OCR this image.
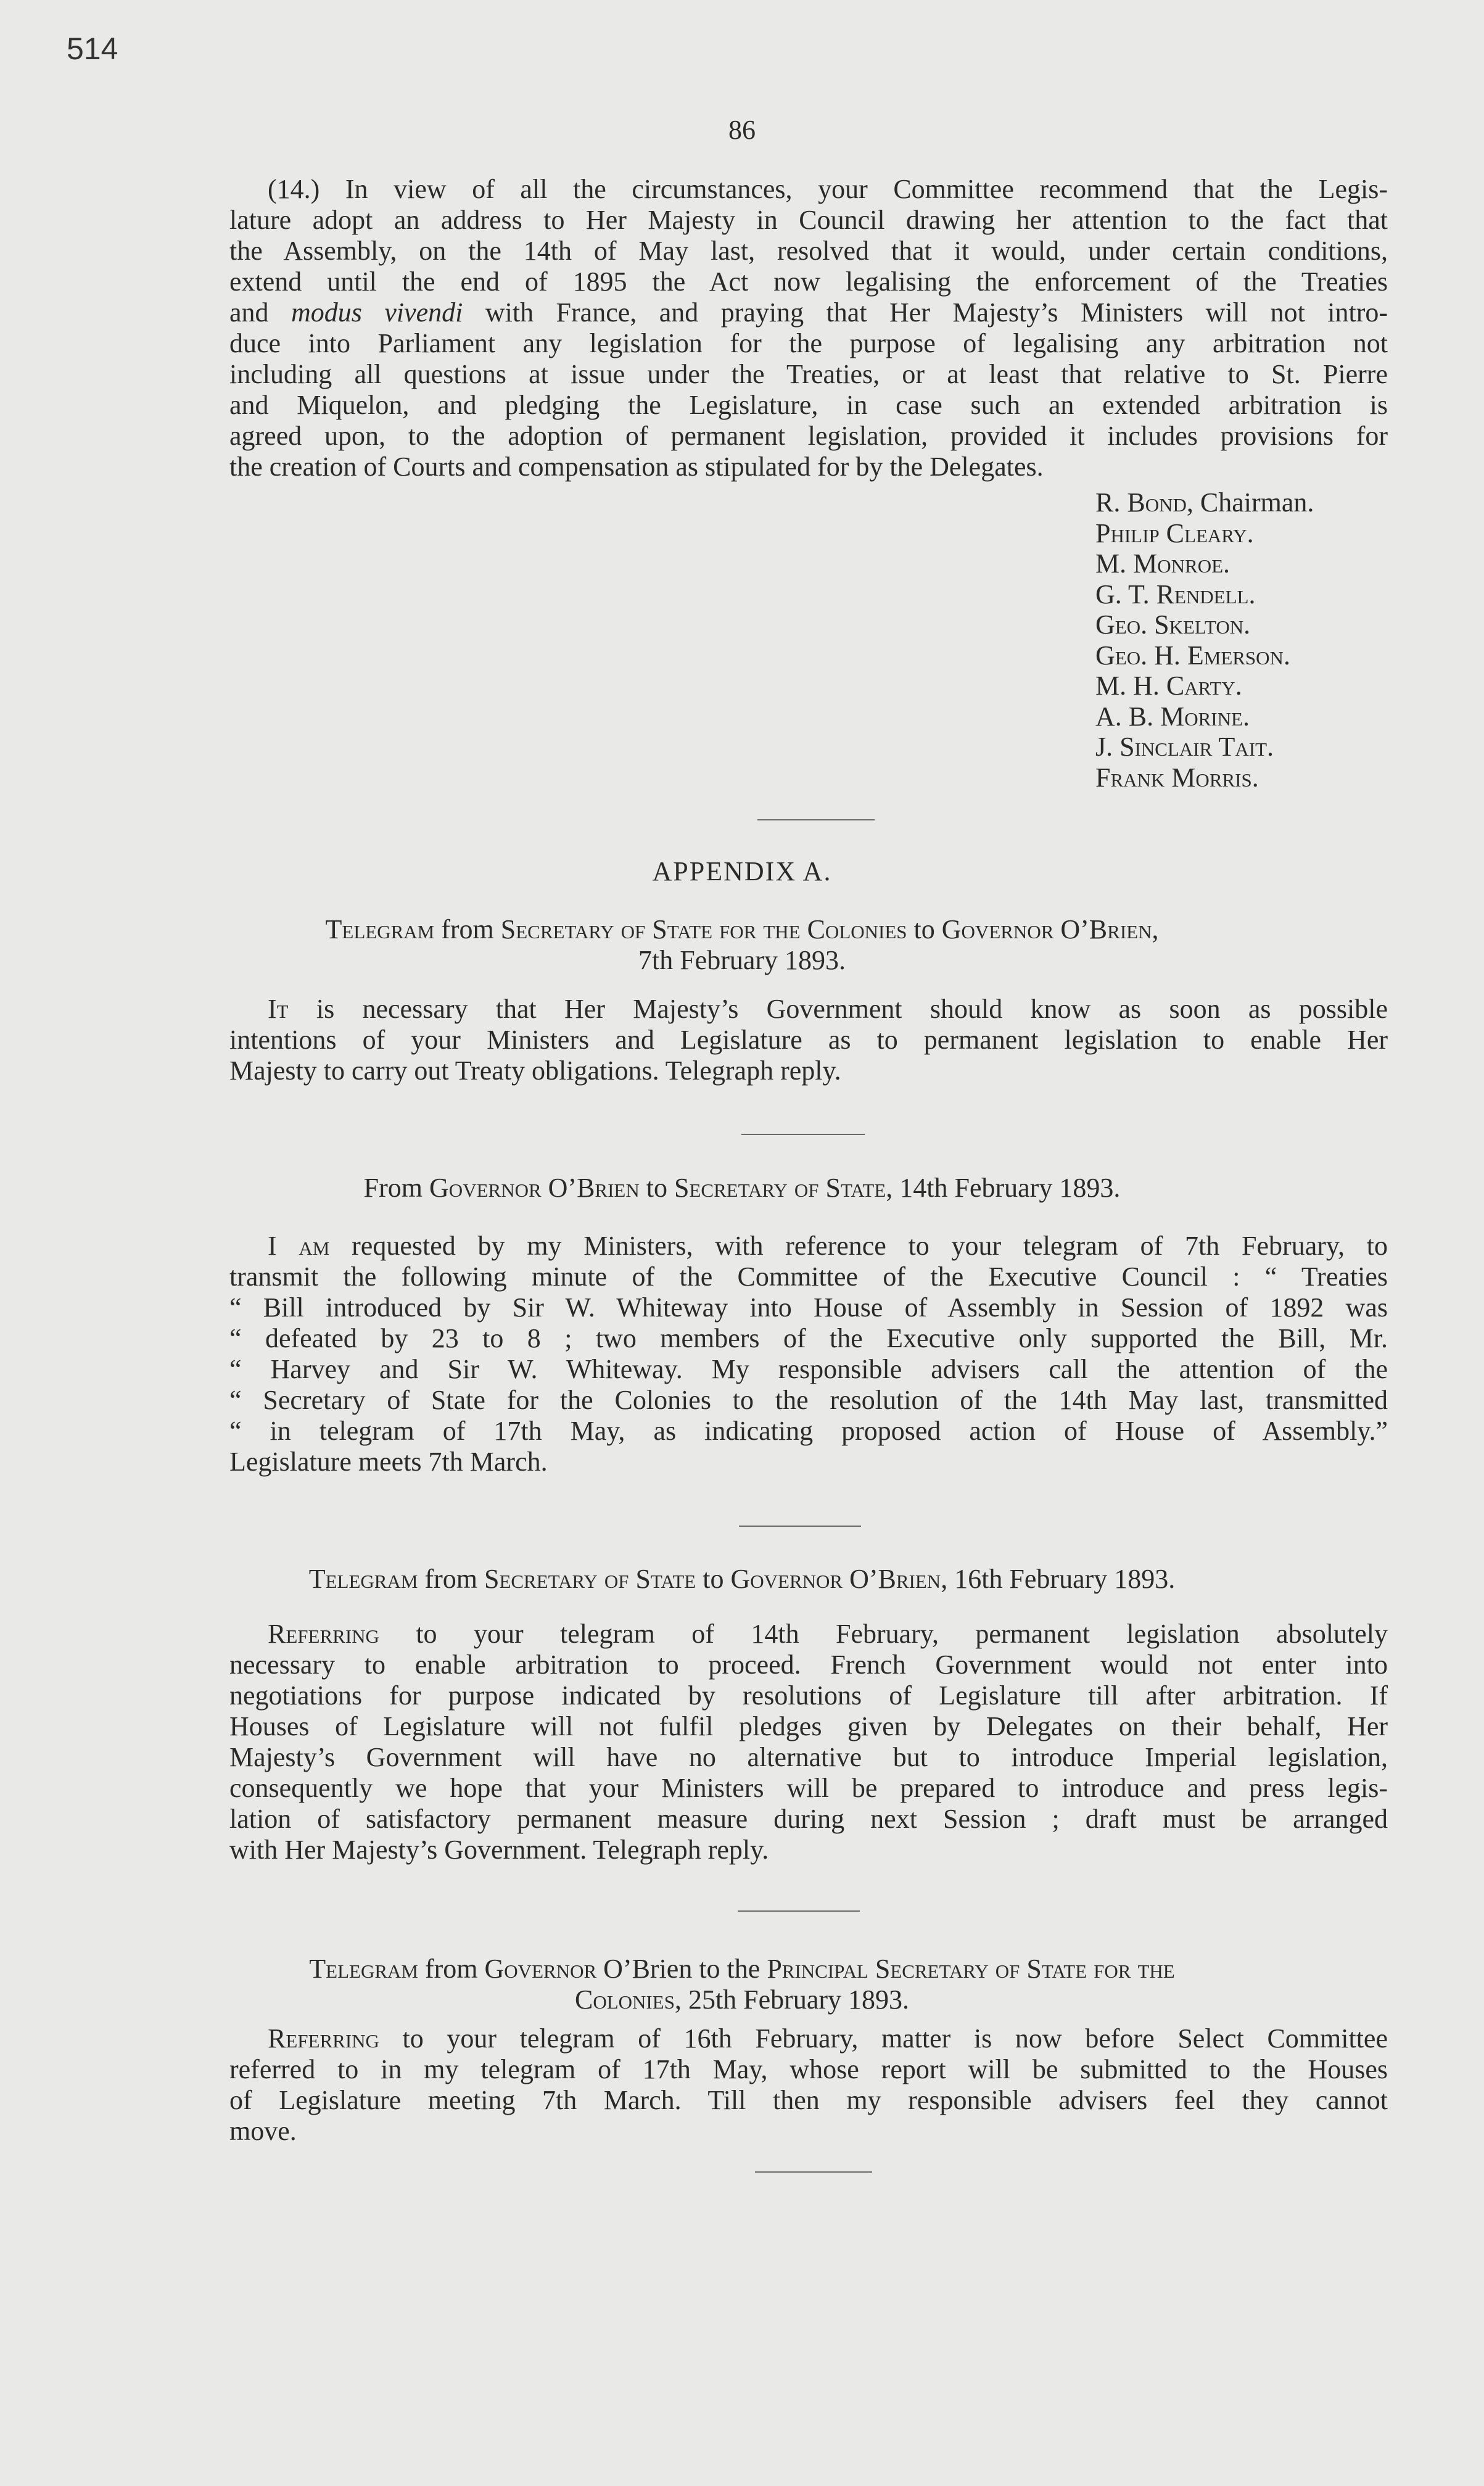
514
86

(14.) In view of all the circumstances, your Committee recommend that the Legis-

lature adopt an address to Her Majesty in Council drawing her attention to the fact that

the Assembly, on the 14th of May last, resolved that it would, under certain conditions,

extend until the end of 1895 the Act now legalising the enforcement of the Treaties

and modus vivendi with France, and praying that Her Majesty’s Ministers will not intro-

duce into Parliament any legislation for the purpose of legalising any arbitration not

including all questions at issue under the Treaties, or at least that relative to St. Pierre

and Miquelon, and pledging the Legislature, in case such an extended arbitration is

agreed upon, to the adoption of permanent legislation, provided it includes provisions for

the creation of Courts and compensation as stipulated for by the Delegates.

R. Bond, Chairman.
Philip Cleary.
M. Monroe.
G. T. Rendell.
Geo. Skelton.
Geo. H. Emerson.
M. H. Carty.
A. B. Morine.
J. Sinclair Tait.
Frank Morris.
APPENDIX A.
Telegram from Secretary of State for the Colonies to Governor O’Brien,
7th February 1893.

It is necessary that Her Majesty’s Government should know as soon as possible

intentions of your Ministers and Legislature as to permanent legislation to enable Her

Majesty to carry out Treaty obligations. Telegraph reply.

From Governor O’Brien to Secretary of State, 14th February 1893.

I am requested by my Ministers, with reference to your telegram of 7th February, to

transmit the following minute of the Committee of the Executive Council : “ Treaties

“ Bill introduced by Sir W. Whiteway into House of Assembly in Session of 1892 was

“ defeated by 23 to 8 ; two members of the Executive only supported the Bill, Mr.

“ Harvey and Sir W. Whiteway. My responsible advisers call the attention of the

“ Secretary of State for the Colonies to the resolution of the 14th May last, transmitted

“ in telegram of 17th May, as indicating proposed action of House of Assembly.”

Legislature meets 7th March.

Telegram from Secretary of State to Governor O’Brien, 16th February 1893.

Referring to your telegram of 14th February, permanent legislation absolutely

necessary to enable arbitration to proceed. French Government would not enter into

negotiations for purpose indicated by resolutions of Legislature till after arbitration. If

Houses of Legislature will not fulfil pledges given by Delegates on their behalf, Her

Majesty’s Government will have no alternative but to introduce Imperial legislation,

consequently we hope that your Ministers will be prepared to introduce and press legis-

lation of satisfactory permanent measure during next Session ; draft must be arranged

with Her Majesty’s Government. Telegraph reply.

Telegram from Governor O’Brien to the Principal Secretary of State for the
Colonies, 25th February 1893.

Referring to your telegram of 16th February, matter is now before Select Committee

referred to in my telegram of 17th May, whose report will be submitted to the Houses

of Legislature meeting 7th March. Till then my responsible advisers feel they cannot

move.
